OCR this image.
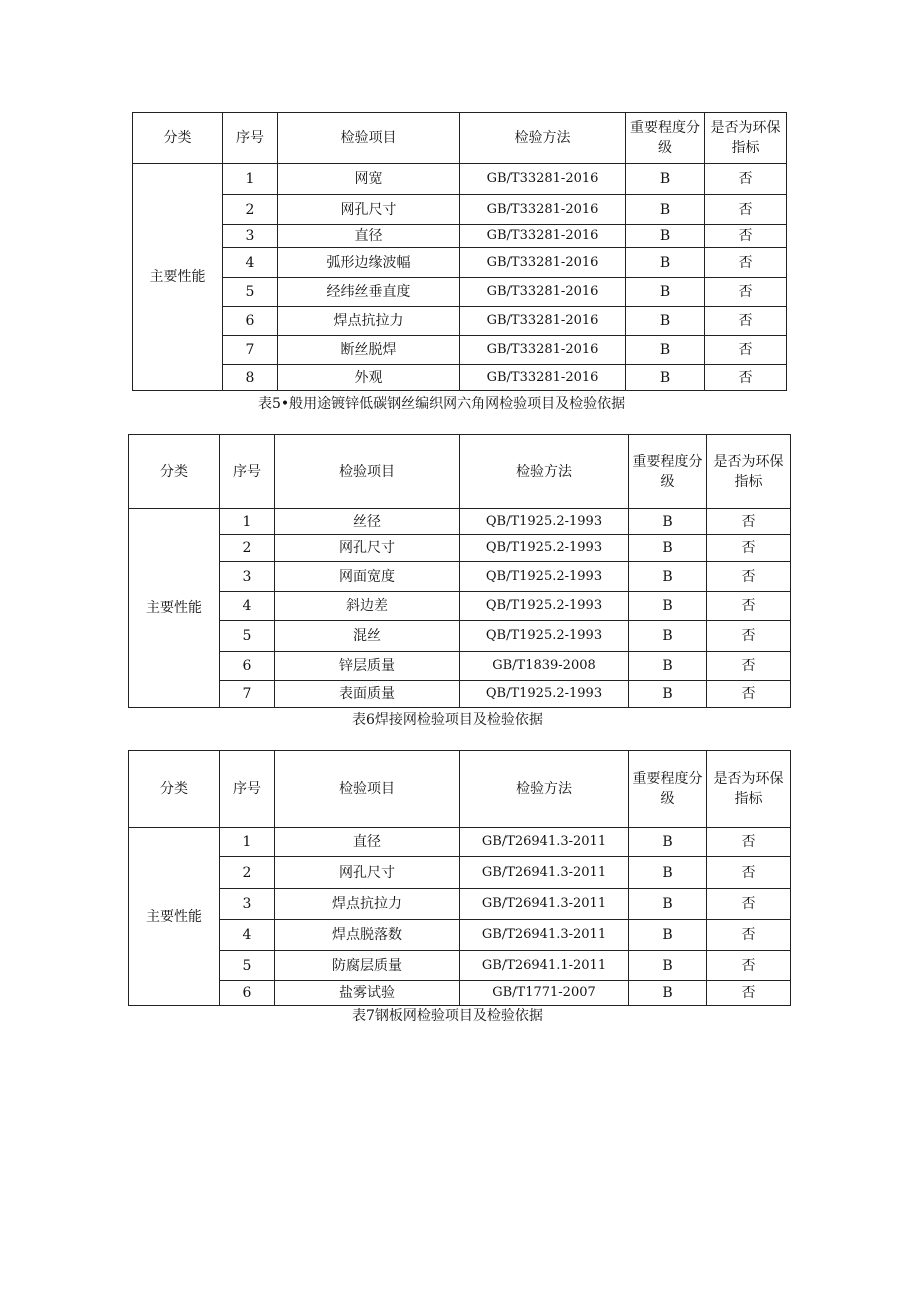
分类	序号	检验项目	检验方法	重要程度分级	是否为环保指标
主要性能	1	网宽	GB/T33281-2016	B	否
	2	网孔尺寸	GB/T33281-2016	B	否
	3	直径	GB/T33281-2016	B	否
	4	弧形边缘波幅	GB/T33281-2016	B	否
	5	经纬丝垂直度	GB/T33281-2016	B	否
	6	焊点抗拉力	GB/T33281-2016	B	否
	7	断丝脱焊	GB/T33281-2016	B	否
	8	外观	GB/T33281-2016	B	否
表5•般用途镀锌低碳钢丝编织网六角网检验项目及检验依据
分类	序号	检验项目	检验方法	重要程度分级	是否为环保指标
主要性能	1	丝径	QB/T1925.2-1993	B	否
	2	网孔尺寸	QB/T1925.2-1993	B	否
	3	网面宽度	QB/T1925.2-1993	B	否
	4	斜边差	QB/T1925.2-1993	B	否
	5	混丝	QB/T1925.2-1993	B	否
	6	锌层质量	GB/T1839-2008	B	否
	7	表面质量	QB/T1925.2-1993	B	否
表6焊接网检验项目及检验依据
分类	序号	检验项目	检验方法	重要程度分级	是否为环保指标
主要性能	1	直径	GB/T26941.3-2011	B	否
	2	网孔尺寸	GB/T26941.3-2011	B	否
	3	焊点抗拉力	GB/T26941.3-2011	B	否
	4	焊点脱落数	GB/T26941.3-2011	B	否
	5	防腐层质量	GB/T26941.1-2011	B	否
	6	盐雾试验	GB/T1771-2007	B	否
表7钢板网检验项目及检验依据
